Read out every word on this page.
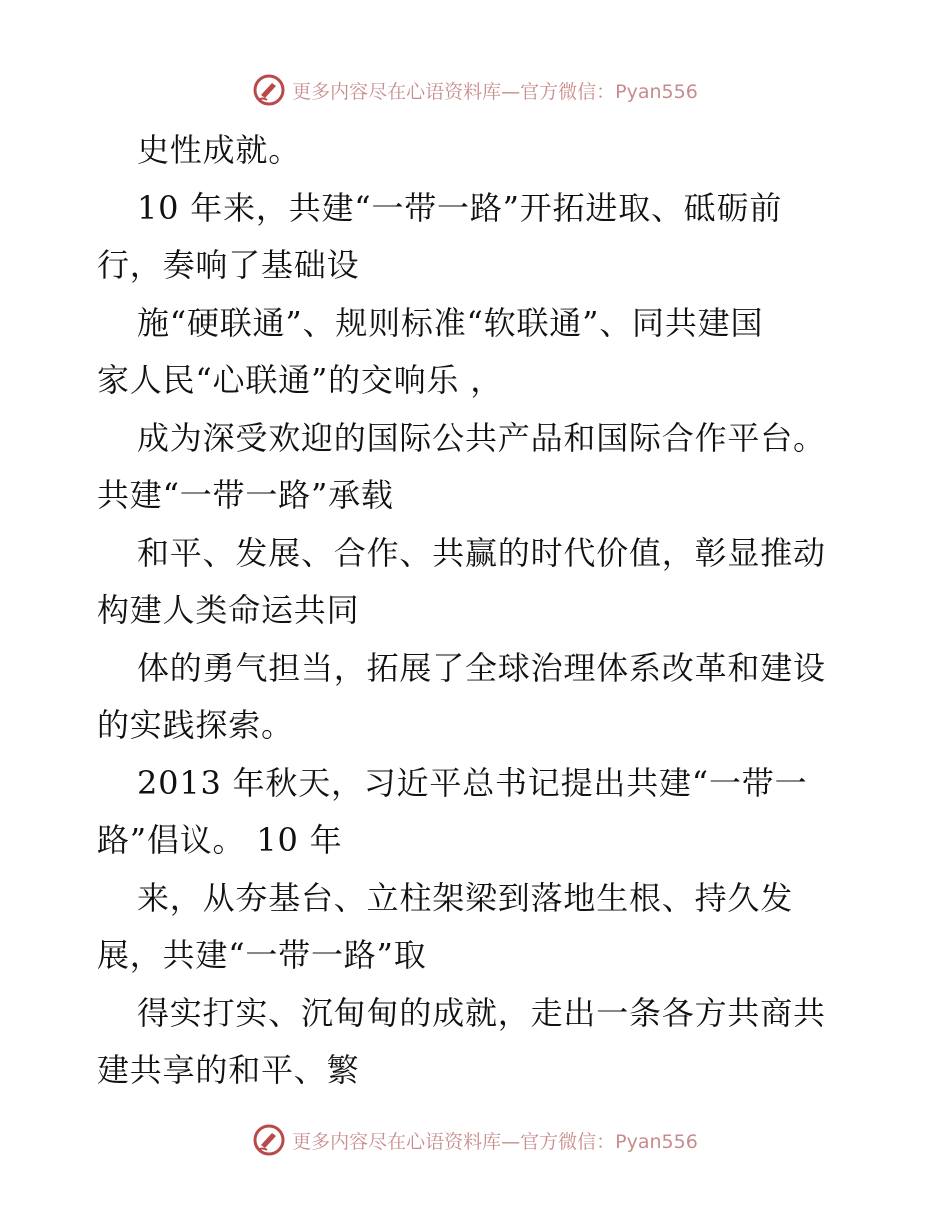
更多内容尽在心语资料库—官方微信：Pyan556
史性成就。
10 年来，共建“一带一路”开拓进取、砥砺前
行，奏响了基础设
施“硬联通”、规则标准“软联通”、同共建国
家人民“心联通”的交响乐 ，
成为深受欢迎的国际公共产品和国际合作平台。
共建“一带一路”承载
和平、发展、合作、共赢的时代价值，彰显推动
构建人类命运共同
体的勇气担当，拓展了全球治理体系改革和建设
的实践探索。
2013 年秋天，习近平总书记提出共建“一带一
路”倡议。 10 年
来，从夯基台、立柱架梁到落地生根、持久发
展，共建“一带一路”取
得实打实、沉甸甸的成就，走出一条各方共商共
建共享的和平、繁
更多内容尽在心语资料库—官方微信：Pyan556
